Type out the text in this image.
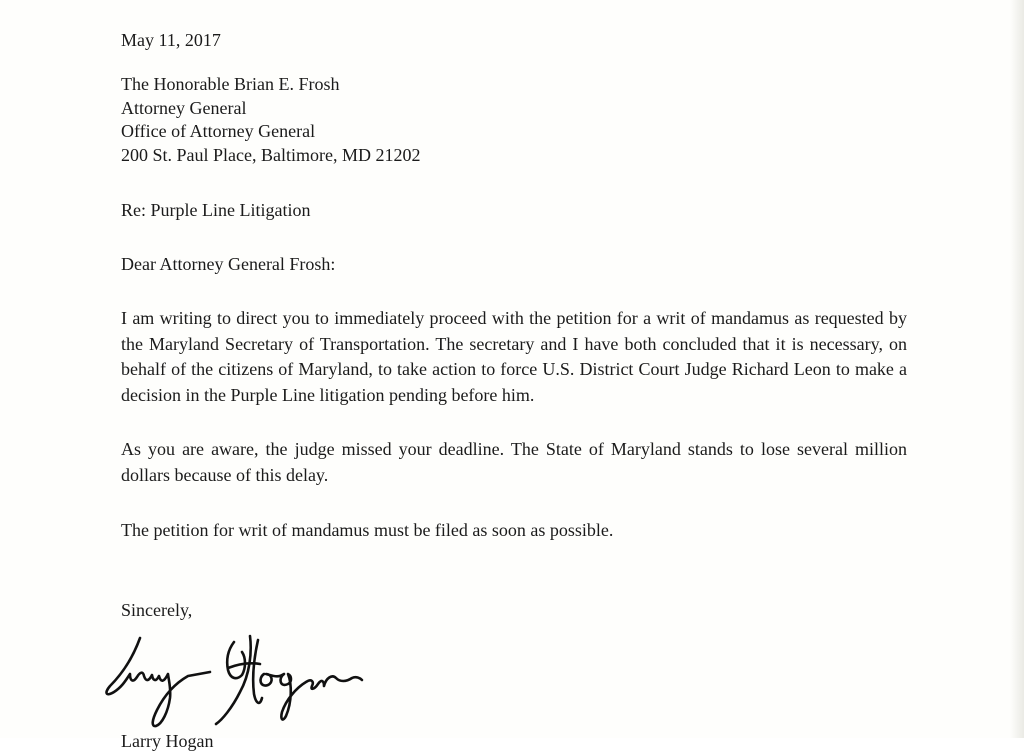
May 11, 2017

The Honorable Brian E. Frosh
Attorney General
Office of Attorney General
200 St. Paul Place, Baltimore, MD 21202

Re: Purple Line Litigation

Dear Attorney General Frosh:

I am writing to direct you to immediately proceed with the petition for a writ of mandamus as requested by the Maryland Secretary of Transportation. The secretary and I have both concluded that it is necessary, on behalf of the citizens of Maryland, to take action to force U.S. District Court Judge Richard Leon to make a decision in the Purple Line litigation pending before him.

As you are aware, the judge missed your deadline. The State of Maryland stands to lose several million dollars because of this delay.

The petition for writ of mandamus must be filed as soon as possible.

Sincerely,

Larry Hogan
